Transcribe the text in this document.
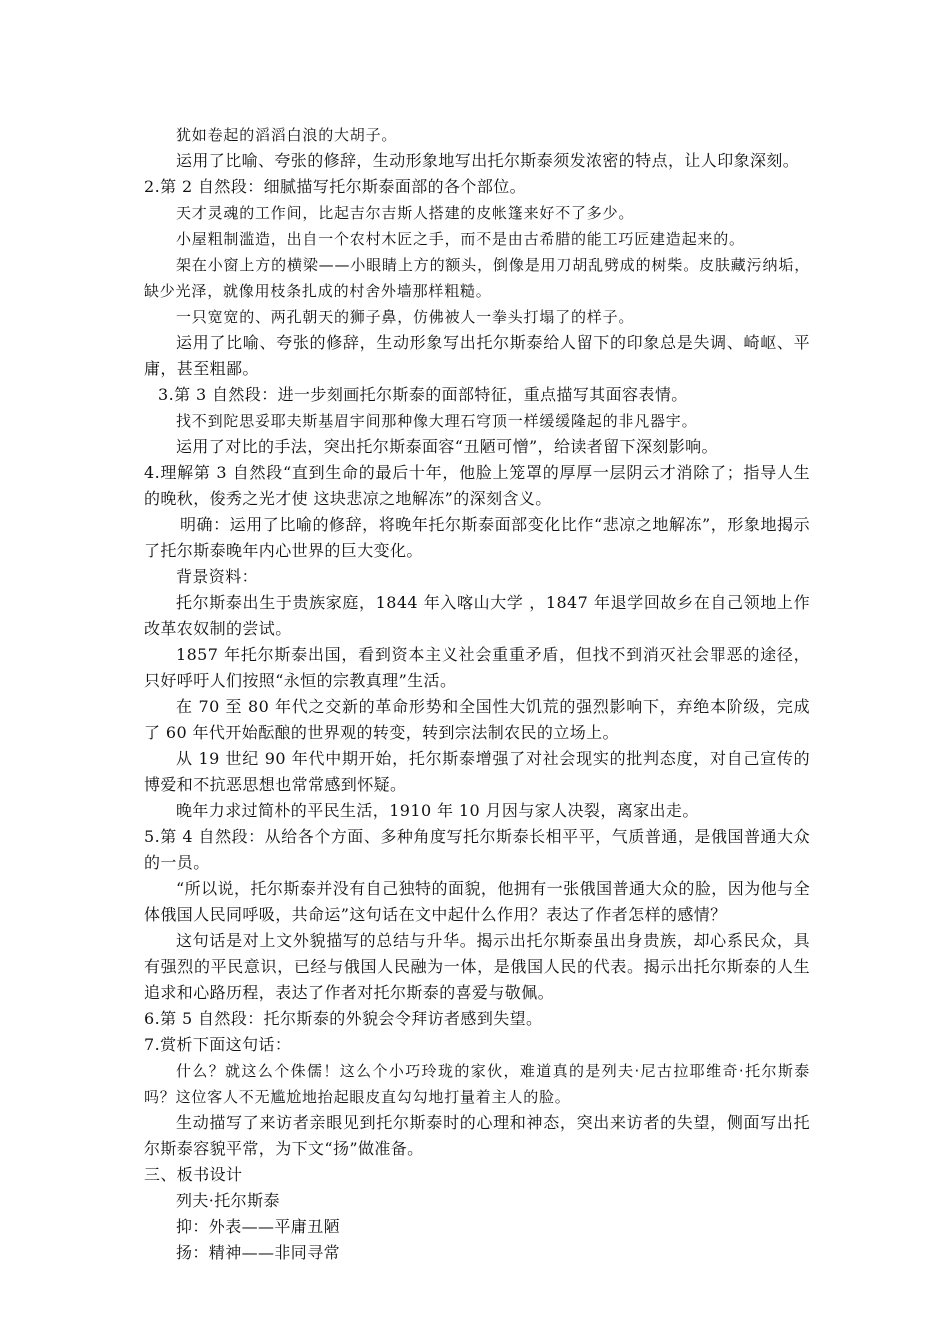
犹如卷起的滔滔白浪的大胡子。

运用了比喻、夸张的修辞，生动形象地写出托尔斯泰须发浓密的特点，让人印象深刻。

2.第 2 自然段：细腻描写托尔斯泰面部的各个部位。

天才灵魂的工作间，比起吉尔吉斯人搭建的皮帐篷来好不了多少。

小屋粗制滥造，出自一个农村木匠之手，而不是由古希腊的能工巧匠建造起来的。

架在小窗上方的横梁——小眼睛上方的额头，倒像是用刀胡乱劈成的树柴。皮肤藏污纳垢，缺少光泽，就像用枝条扎成的村舍外墙那样粗糙。

一只宽宽的、两孔朝天的狮子鼻，仿佛被人一拳头打塌了的样子。

运用了比喻、夸张的修辞，生动形象写出托尔斯泰给人留下的印象总是失调、崎岖、平庸，甚至粗鄙。

3.第 3 自然段：进一步刻画托尔斯泰的面部特征，重点描写其面容表情。

找不到陀思妥耶夫斯基眉宇间那种像大理石穹顶一样缓缓隆起的非凡器宇。

运用了对比的手法，突出托尔斯泰面容“丑陋可憎”，给读者留下深刻影响。

4.理解第 3 自然段“直到生命的最后十年，他脸上笼罩的厚厚一层阴云才消除了；指导人生的晚秋，俊秀之光才使 这块悲凉之地解冻”的深刻含义。

明确：运用了比喻的修辞，将晚年托尔斯泰面部变化比作“悲凉之地解冻”，形象地揭示了托尔斯泰晚年内心世界的巨大变化。

背景资料：

托尔斯泰出生于贵族家庭，1844 年入喀山大学 ，1847 年退学回故乡在自己领地上作改革农奴制的尝试。

1857 年托尔斯泰出国，看到资本主义社会重重矛盾，但找不到消灭社会罪恶的途径，只好呼吁人们按照“永恒的宗教真理”生活。

在 70 至 80 年代之交新的革命形势和全国性大饥荒的强烈影响下，弃绝本阶级，完成了 60 年代开始酝酿的世界观的转变，转到宗法制农民的立场上。

从 19 世纪 90 年代中期开始，托尔斯泰增强了对社会现实的批判态度，对自己宣传的博爱和不抗恶思想也常常感到怀疑。

晚年力求过简朴的平民生活，1910 年 10 月因与家人决裂，离家出走。

5.第 4 自然段：从给各个方面、多种角度写托尔斯泰长相平平，气质普通，是俄国普通大众的一员。

“所以说，托尔斯泰并没有自己独特的面貌，他拥有一张俄国普通大众的脸，因为他与全体俄国人民同呼吸，共命运”这句话在文中起什么作用？表达了作者怎样的感情？

这句话是对上文外貌描写的总结与升华。揭示出托尔斯泰虽出身贵族，却心系民众，具有强烈的平民意识，已经与俄国人民融为一体，是俄国人民的代表。揭示出托尔斯泰的人生追求和心路历程，表达了作者对托尔斯泰的喜爱与敬佩。

6.第 5 自然段：托尔斯泰的外貌会令拜访者感到失望。

7.赏析下面这句话：

什么？就这么个侏儒！这么个小巧玲珑的家伙，难道真的是列夫·尼古拉耶维奇·托尔斯泰吗？这位客人不无尴尬地抬起眼皮直勾勾地打量着主人的脸。

生动描写了来访者亲眼见到托尔斯泰时的心理和神态，突出来访者的失望，侧面写出托尔斯泰容貌平常，为下文“扬”做准备。

三、板书设计

列夫·托尔斯泰

抑：外表——平庸丑陋

扬：精神——非同寻常
